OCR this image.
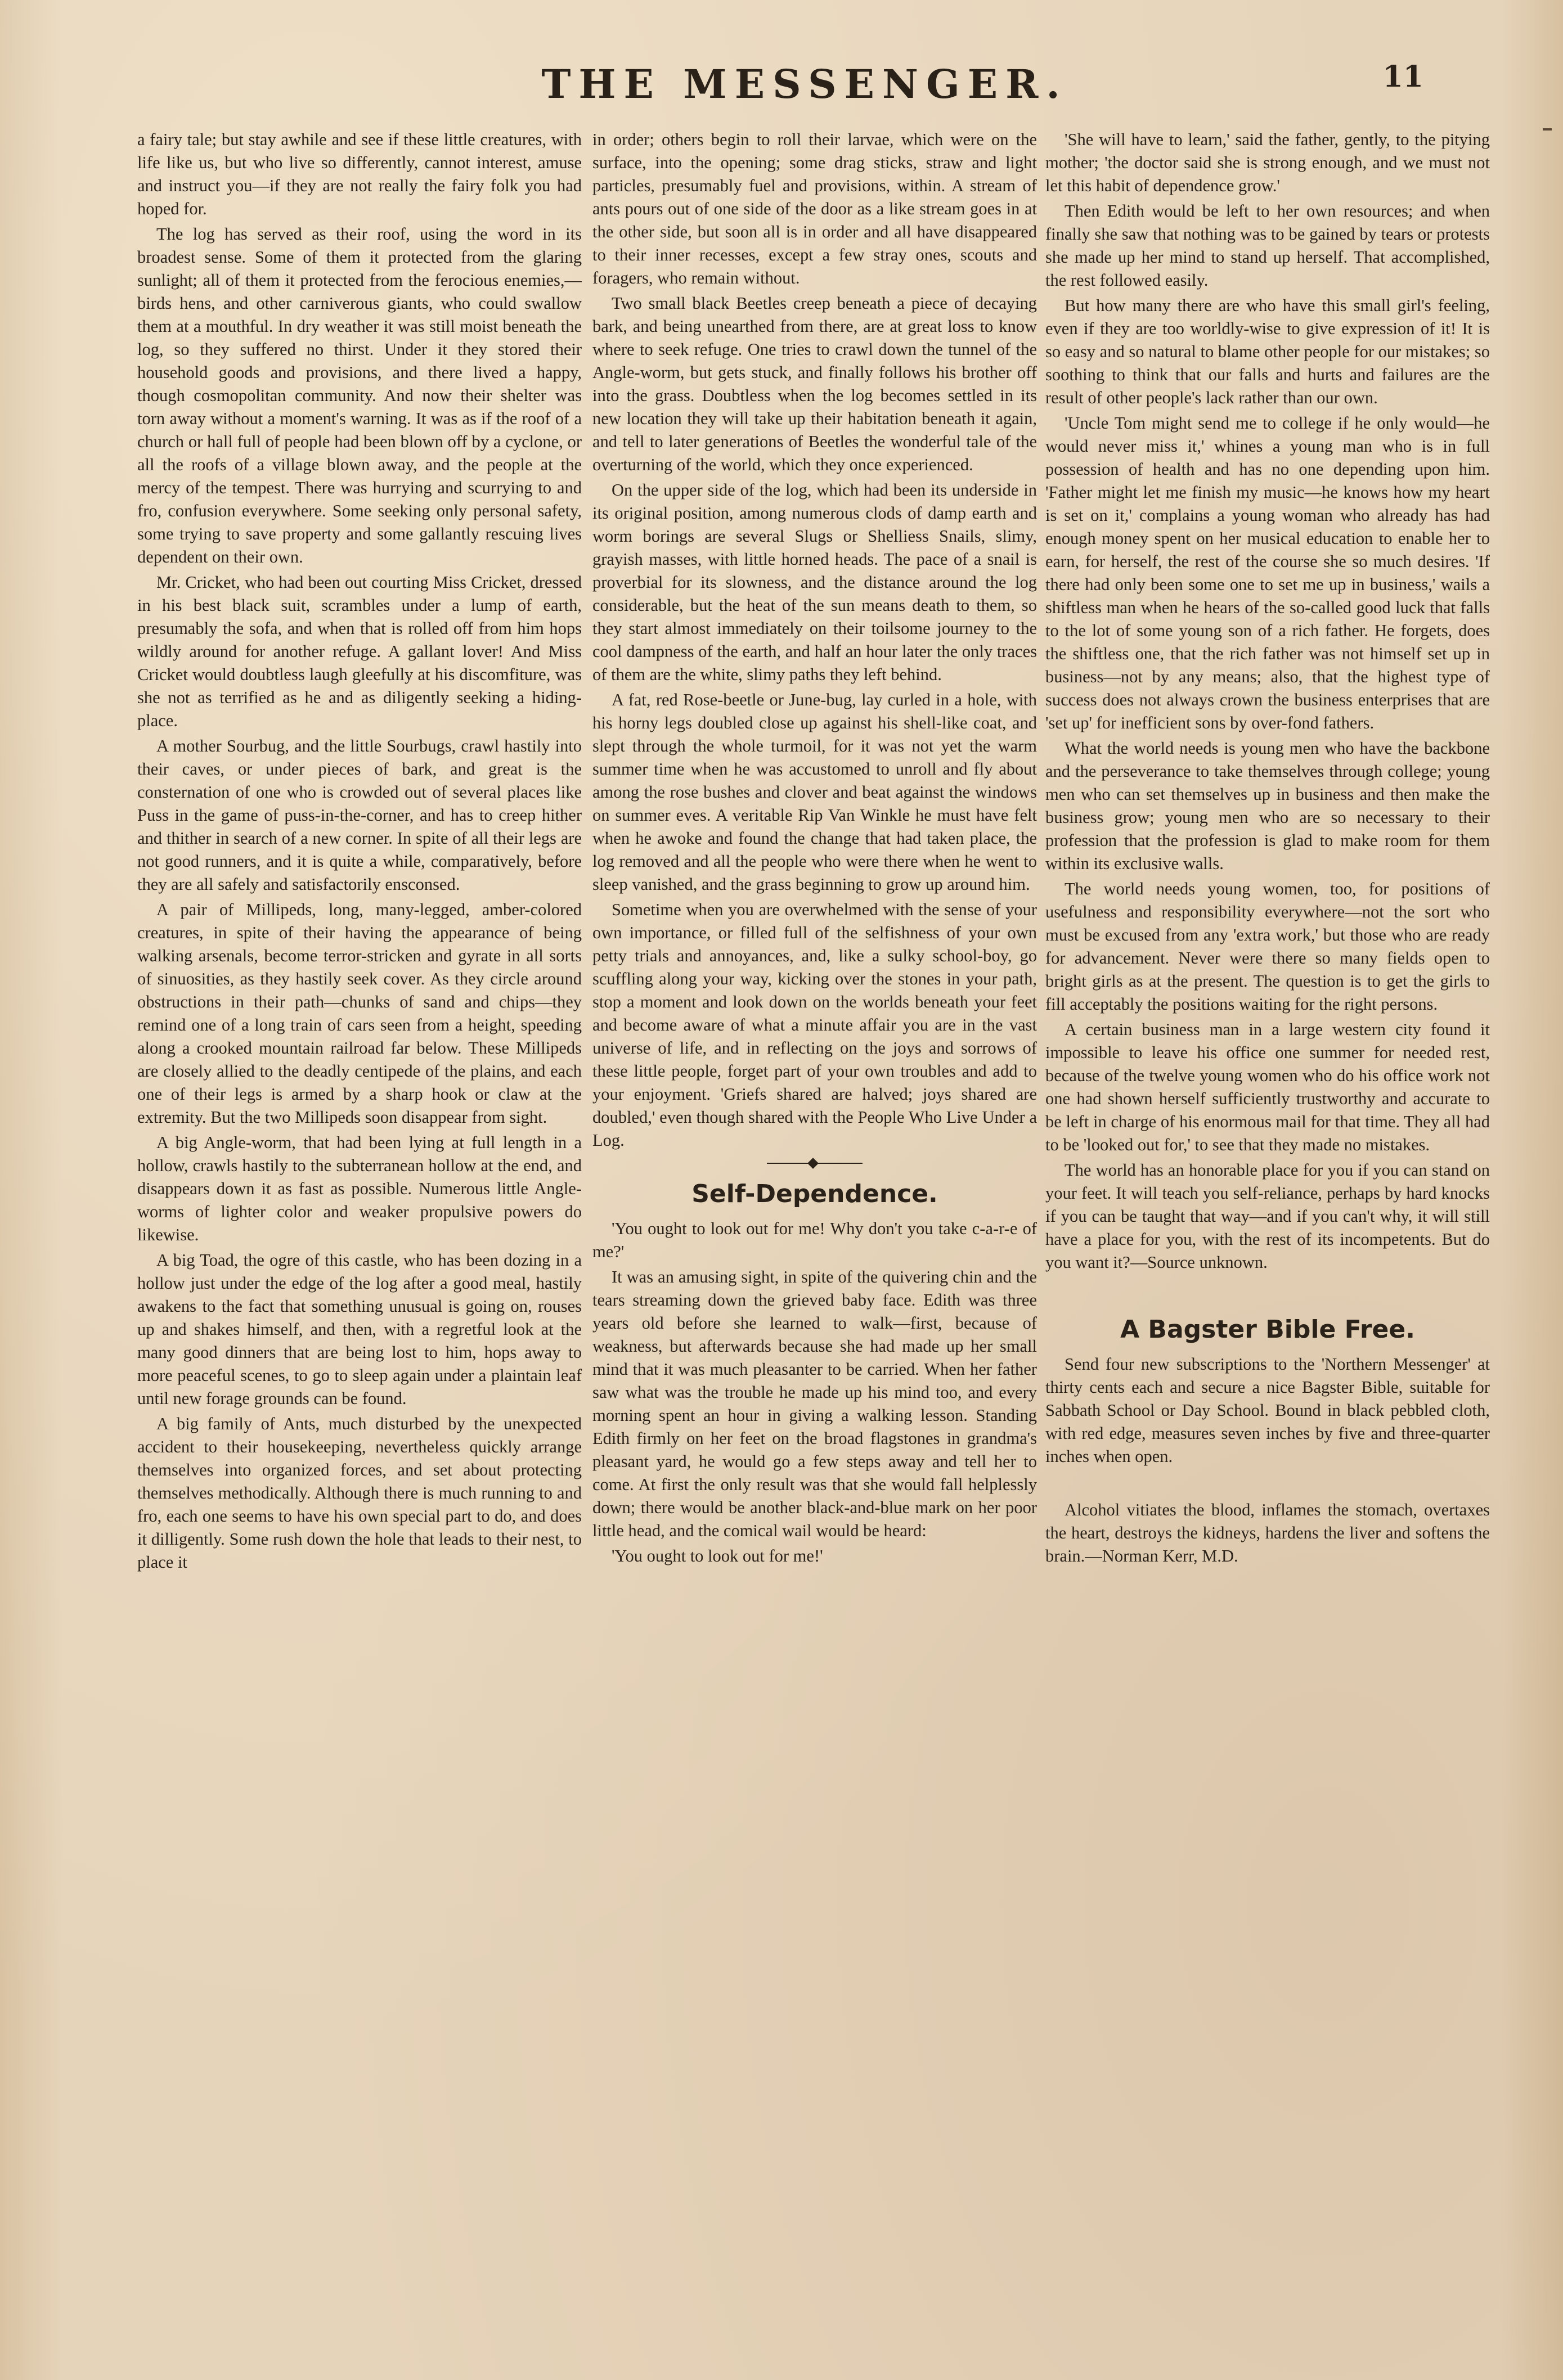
THE MESSENGER.	11

a fairy tale; but stay awhile and see if these little creatures, with life like us, but who live so differently, cannot interest, amuse and instruct you—if they are not really the fairy folk you had hoped for.

The log has served as their roof, using the word in its broadest sense. Some of them it protected from the glaring sunlight; all of them it protected from the ferocious enemies,—birds hens, and other carniverous giants, who could swallow them at a mouthful. In dry weather it was still moist beneath the log, so they suffered no thirst. Under it they stored their household goods and provisions, and there lived a happy, though cosmopolitan community. And now their shelter was torn away without a moment's warning. It was as if the roof of a church or hall full of people had been blown off by a cyclone, or all the roofs of a village blown away, and the people at the mercy of the tempest. There was hurrying and scurrying to and fro, confusion everywhere. Some seeking only personal safety, some trying to save property and some gallantly rescuing lives dependent on their own.

Mr. Cricket, who had been out courting Miss Cricket, dressed in his best black suit, scrambles under a lump of earth, presumably the sofa, and when that is rolled off from him hops wildly around for another refuge. A gallant lover! And Miss Cricket would doubtless laugh gleefully at his discomfiture, was she not as terrified as he and as diligently seeking a hiding-place.

A mother Sourbug, and the little Sourbugs, crawl hastily into their caves, or under pieces of bark, and great is the consternation of one who is crowded out of several places like Puss in the game of puss-in-the-corner, and has to creep hither and thither in search of a new corner. In spite of all their legs are not good runners, and it is quite a while, comparatively, before they are all safely and satisfactorily ensconsed.

A pair of Millipeds, long, many-legged, amber-colored creatures, in spite of their having the appearance of being walking arsenals, become terror-stricken and gyrate in all sorts of sinuosities, as they hastily seek cover. As they circle around obstructions in their path—chunks of sand and chips—they remind one of a long train of cars seen from a height, speeding along a crooked mountain railroad far below. These Millipeds are closely allied to the deadly centipede of the plains, and each one of their legs is armed by a sharp hook or claw at the extremity. But the two Millipeds soon disappear from sight.

A big Angle-worm, that had been lying at full length in a hollow, crawls hastily to the subterranean hollow at the end, and disappears down it as fast as possible. Numerous little Angle-worms of lighter color and weaker propulsive powers do likewise.

A big Toad, the ogre of this castle, who has been dozing in a hollow just under the edge of the log after a good meal, hastily awakens to the fact that something unusual is going on, rouses up and shakes himself, and then, with a regretful look at the many good dinners that are being lost to him, hops away to more peaceful scenes, to go to sleep again under a plaintain leaf until new forage grounds can be found.

A big family of Ants, much disturbed by the unexpected accident to their housekeeping, nevertheless quickly arrange themselves into organized forces, and set about protecting themselves methodically. Although there is much running to and fro, each one seems to have his own special part to do, and does it dilligently. Some rush down the hole that leads to their nest, to place it

in order; others begin to roll their larvae, which were on the surface, into the opening; some drag sticks, straw and light particles, presumably fuel and provisions, within. A stream of ants pours out of one side of the door as a like stream goes in at the other side, but soon all is in order and all have disappeared to their inner recesses, except a few stray ones, scouts and foragers, who remain without.

Two small black Beetles creep beneath a piece of decaying bark, and being unearthed from there, are at great loss to know where to seek refuge. One tries to crawl down the tunnel of the Angle-worm, but gets stuck, and finally follows his brother off into the grass. Doubtless when the log becomes settled in its new location they will take up their habitation beneath it again, and tell to later generations of Beetles the wonderful tale of the overturning of the world, which they once experienced.

On the upper side of the log, which had been its underside in its original position, among numerous clods of damp earth and worm borings are several Slugs or Shelliess Snails, slimy, grayish masses, with little horned heads. The pace of a snail is proverbial for its slowness, and the distance around the log considerable, but the heat of the sun means death to them, so they start almost immediately on their toilsome journey to the cool dampness of the earth, and half an hour later the only traces of them are the white, slimy paths they left behind.

A fat, red Rose-beetle or June-bug, lay curled in a hole, with his horny legs doubled close up against his shell-like coat, and slept through the whole turmoil, for it was not yet the warm summer time when he was accustomed to unroll and fly about among the rose bushes and clover and beat against the windows on summer eves. A veritable Rip Van Winkle he must have felt when he awoke and found the change that had taken place, the log removed and all the people who were there when he went to sleep vanished, and the grass beginning to grow up around him.

Sometime when you are overwhelmed with the sense of your own importance, or filled full of the selfishness of your own petty trials and annoyances, and, like a sulky school-boy, go scuffling along your way, kicking over the stones in your path, stop a moment and look down on the worlds beneath your feet and become aware of what a minute affair you are in the vast universe of life, and in reflecting on the joys and sorrows of these little people, forget part of your own troubles and add to your enjoyment. 'Griefs shared are halved; joys shared are doubled,' even though shared with the People Who Live Under a Log.

Self-Dependence.

'You ought to look out for me! Why don't you take c-a-r-e of me?'

It was an amusing sight, in spite of the quivering chin and the tears streaming down the grieved baby face. Edith was three years old before she learned to walk—first, because of weakness, but afterwards because she had made up her small mind that it was much pleasanter to be carried. When her father saw what was the trouble he made up his mind too, and every morning spent an hour in giving a walking lesson. Standing Edith firmly on her feet on the broad flagstones in grandma's pleasant yard, he would go a few steps away and tell her to come. At first the only result was that she would fall helplessly down; there would be another black-and-blue mark on her poor little head, and the comical wail would be heard:

'You ought to look out for me!'

'She will have to learn,' said the father, gently, to the pitying mother; 'the doctor said she is strong enough, and we must not let this habit of dependence grow.'

Then Edith would be left to her own resources; and when finally she saw that nothing was to be gained by tears or protests she made up her mind to stand up herself. That accomplished, the rest followed easily.

But how many there are who have this small girl's feeling, even if they are too worldly-wise to give expression of it! It is so easy and so natural to blame other people for our mistakes; so soothing to think that our falls and hurts and failures are the result of other people's lack rather than our own.

'Uncle Tom might send me to college if he only would—he would never miss it,' whines a young man who is in full possession of health and has no one depending upon him. 'Father might let me finish my music—he knows how my heart is set on it,' complains a young woman who already has had enough money spent on her musical education to enable her to earn, for herself, the rest of the course she so much desires. 'If there had only been some one to set me up in business,' wails a shiftless man when he hears of the so-called good luck that falls to the lot of some young son of a rich father. He forgets, does the shiftless one, that the rich father was not himself set up in business—not by any means; also, that the highest type of success does not always crown the business enterprises that are 'set up' for inefficient sons by over-fond fathers.

What the world needs is young men who have the backbone and the perseverance to take themselves through college; young men who can set themselves up in business and then make the business grow; young men who are so necessary to their profession that the profession is glad to make room for them within its exclusive walls.

The world needs young women, too, for positions of usefulness and responsibility everywhere—not the sort who must be excused from any 'extra work,' but those who are ready for advancement. Never were there so many fields open to bright girls as at the present. The question is to get the girls to fill acceptably the positions waiting for the right persons.

A certain business man in a large western city found it impossible to leave his office one summer for needed rest, because of the twelve young women who do his office work not one had shown herself sufficiently trustworthy and accurate to be left in charge of his enormous mail for that time. They all had to be 'looked out for,' to see that they made no mistakes.

The world has an honorable place for you if you can stand on your feet. It will teach you self-reliance, perhaps by hard knocks if you can be taught that way—and if you can't why, it will still have a place for you, with the rest of its incompetents. But do you want it?—Source unknown.

A Bagster Bible Free.

Send four new subscriptions to the 'Northern Messenger' at thirty cents each and secure a nice Bagster Bible, suitable for Sabbath School or Day School. Bound in black pebbled cloth, with red edge, measures seven inches by five and three-quarter inches when open.

Alcohol vitiates the blood, inflames the stomach, overtaxes the heart, destroys the kidneys, hardens the liver and softens the brain.—Norman Kerr, M.D.
